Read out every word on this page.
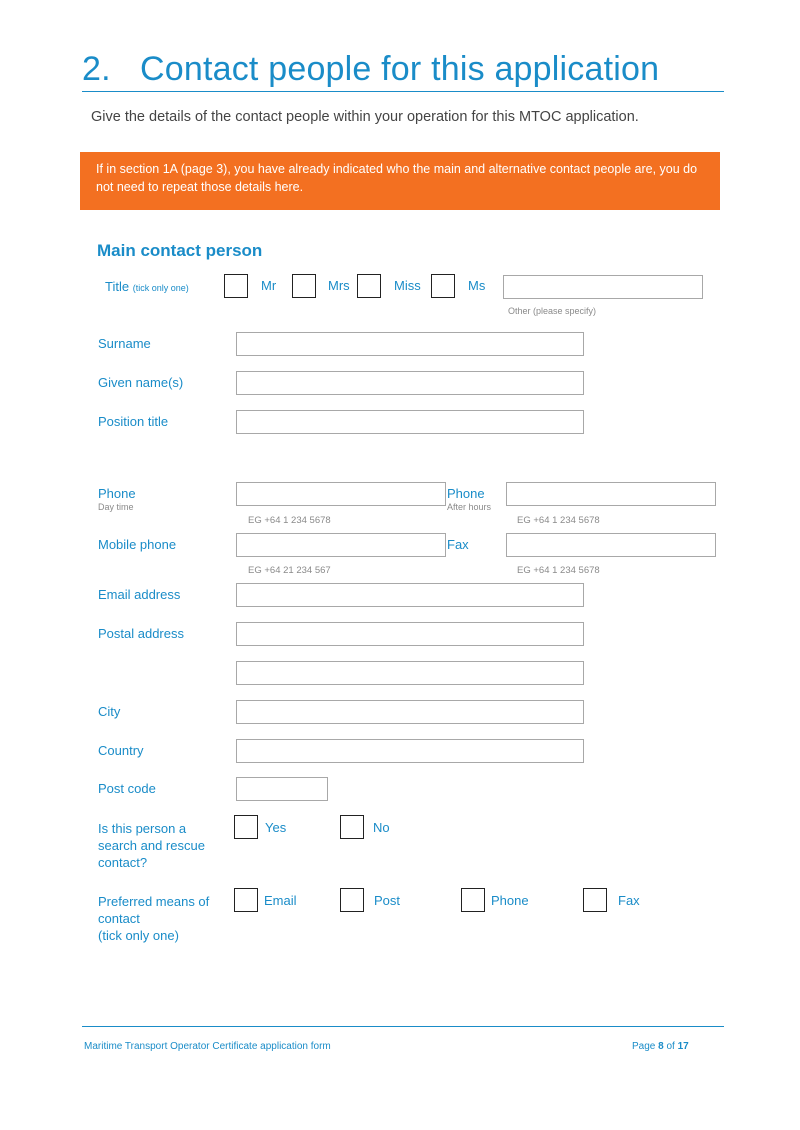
2. Contact people for this application
Give the details of the contact people within your operation for this MTOC application.
If in section 1A (page 3), you have already indicated who the main and alternative contact people are, you do not need to repeat those details here.
Main contact person
Title (tick only one)	Mr	Mrs	Miss	Ms
Other (please specify)
Surname
Given name(s)
Position title
Phone
Day time
EG +64 1 234 5678
Phone
After hours
EG +64 1 234 5678
Mobile phone
EG +64 21 234 567
Fax
EG +64 1 234 5678
Email address
Postal address
City
Country
Post code
Is this person a
search and rescue
contact?
Yes	No
Preferred means of
contact
(tick only one)
Email	Post	Phone	Fax
Maritime Transport Operator Certificate application form	Page 8 of 17
